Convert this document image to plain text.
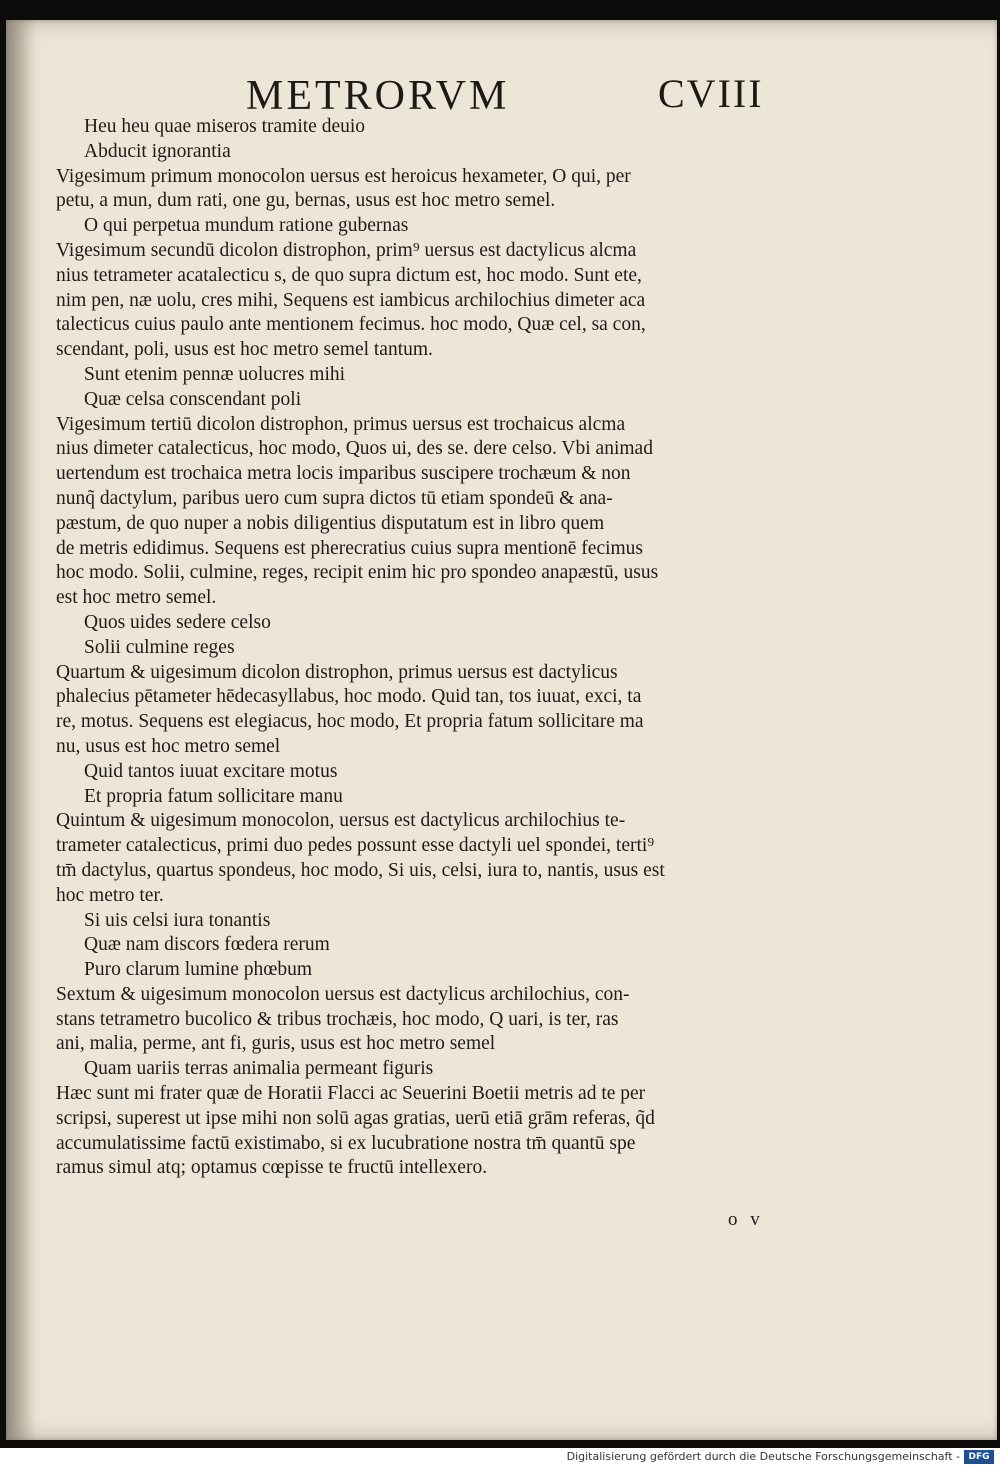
METRORVM	CVIII
Heu heu quae miseros tramite deuio
Abducit ignorantia
Vigesimum primum monocolon uersus est heroicus hexameter, O qui, per
petu, a mun, dum rati, one gu, bernas, usus est hoc metro semel.
O qui perpetua mundum ratione gubernas
Vigesimum secundū dicolon distrophon, prim⁹ uersus est dactylicus alcma
nius tetrameter acatalecticu s, de quo supra dictum est, hoc modo. Sunt ete,
nim pen, næ uolu, cres mihi, Sequens est iambicus archilochius dimeter aca
talecticus cuius paulo ante mentionem fecimus. hoc modo, Quæ cel, sa con,
scendant, poli, usus est hoc metro semel tantum.
Sunt etenim pennæ uolucres mihi
Quæ celsa conscendant poli
Vigesimum tertiū dicolon distrophon, primus uersus est trochaicus alcma
nius dimeter catalecticus, hoc modo, Quos ui, des se. dere celso. Vbi animad
uertendum est trochaica metra locis imparibus suscipere trochæum & non
nunq̃ dactylum, paribus uero cum supra dictos tū etiam spondeū & ana-
pæstum, de quo nuper a nobis diligentius disputatum est in libro quem
de metris edidimus. Sequens est pherecratius cuius supra mentionē fecimus
hoc modo. Solii, culmine, reges, recipit enim hic pro spondeo anapæstū, usus
est hoc metro semel.
Quos uides sedere celso
Solii culmine reges
Quartum & uigesimum dicolon distrophon, primus uersus est dactylicus
phalecius pētameter hēdecasyllabus, hoc modo. Quid tan, tos iuuat, exci, ta
re, motus. Sequens est elegiacus, hoc modo, Et propria fatum sollicitare ma
nu, usus est hoc metro semel
Quid tantos iuuat excitare motus
Et propria fatum sollicitare manu
Quintum & uigesimum monocolon, uersus est dactylicus archilochius te-
trameter catalecticus, primi duo pedes possunt esse dactyli uel spondei, terti⁹
tm̄ dactylus, quartus spondeus, hoc modo, Si uis, celsi, iura to, nantis, usus est
hoc metro ter.
Si uis celsi iura tonantis
Quæ nam discors fœdera rerum
Puro clarum lumine phœbum
Sextum & uigesimum monocolon uersus est dactylicus archilochius, con-
stans tetrametro bucolico & tribus trochæis, hoc modo, Q uari, is ter, ras
ani, malia, perme, ant fi, guris, usus est hoc metro semel
Quam uariis terras animalia permeant figuris
Hæc sunt mi frater quæ de Horatii Flacci ac Seuerini Boetii metris ad te per
scripsi, superest ut ipse mihi non solū agas gratias, uerū etiā grām referas, q̃d
accumulatissime factū existimabo, si ex lucubratione nostra tm̄ quantū spe
ramus simul atq; optamus cœpisse te fructū intellexero.
o v
Digitalisierung gefördert durch die Deutsche Forschungsgemeinschaft - DFG
